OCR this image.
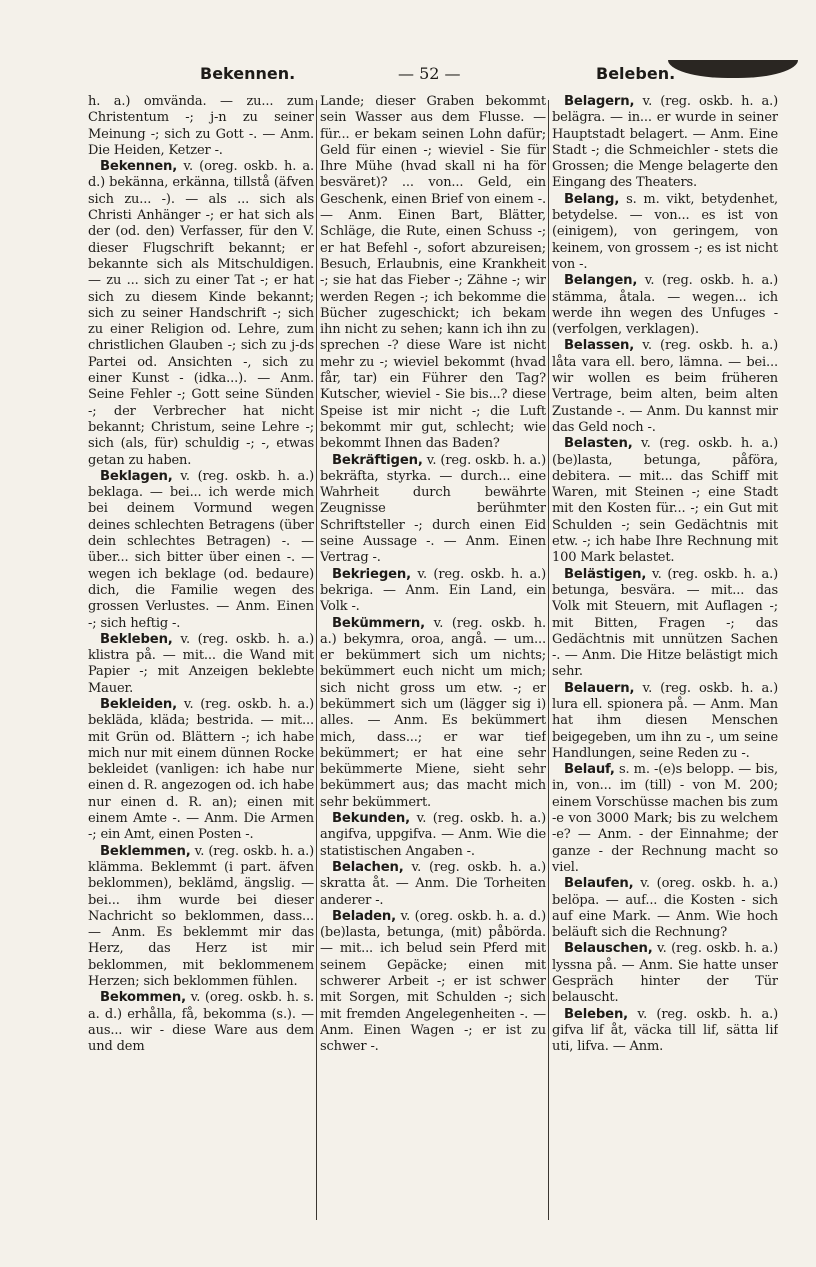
Bekennen.	— 52 —	Beleben.

h. a.) omvända. — zu... zum Christentum -; j-n zu seiner Meinung -; sich zu Gott -. — Anm. Die Heiden, Ketzer -.

Bekennen, v. (oreg. oskb. h. a. d.) bekänna, erkänna, tillstå (äfven sich zu... -). — als ... sich als Christi Anhänger -; er hat sich als der (od. den) Verfasser, für den V. dieser Flugschrift bekannt; er bekannte sich als Mitschuldigen. — zu ... sich zu einer Tat -; er hat sich zu diesem Kinde bekannt; sich zu seiner Handschrift -; sich zu einer Religion od. Lehre, zum christlichen Glauben -; sich zu j-ds Partei od. Ansichten -, sich zu einer Kunst - (idka...). — Anm. Seine Fehler -; Gott seine Sünden -; der Verbrecher hat nicht bekannt; Christum, seine Lehre -; sich (als, für) schuldig -; -, etwas getan zu haben.

Beklagen, v. (reg. oskb. h. a.) beklaga. — bei... ich werde mich bei deinem Vormund wegen deines schlechten Betragens (über dein schlechtes Betragen) -. — über... sich bitter über einen -. — wegen ich beklage (od. bedaure) dich, die Familie wegen des grossen Verlustes. — Anm. Einen -; sich heftig -.

Bekleben, v. (reg. oskb. h. a.) klistra på. — mit... die Wand mit Papier -; mit Anzeigen beklebte Mauer.

Bekleiden, v. (reg. oskb. h. a.) bekläda, kläda; bestrida. — mit... mit Grün od. Blättern -; ich habe mich nur mit einem dünnen Rocke bekleidet (vanligen: ich habe nur einen d. R. angezogen od. ich habe nur einen d. R. an); einen mit einem Amte -. — Anm. Die Armen -; ein Amt, einen Posten -.

Beklemmen, v. (reg. oskb. h. a.) klämma. Beklemmt (i part. äfven beklommen), beklämd, ängslig. — bei... ihm wurde bei dieser Nachricht so beklommen, dass... — Anm. Es beklemmt mir das Herz, das Herz ist mir beklommen, mit beklommenem Herzen; sich beklommen fühlen.

Bekommen, v. (oreg. oskb. h. s. a. d.) erhålla, få, bekomma (s.). — aus... wir - diese Ware aus dem und dem

Lande; dieser Graben bekommt sein Wasser aus dem Flusse. — für... er bekam seinen Lohn dafür; Geld für einen -; wieviel - Sie für Ihre Mühe (hvad skall ni ha för besväret)? ... von... Geld, ein Geschenk, einen Brief von einem -. — Anm. Einen Bart, Blätter, Schläge, die Rute, einen Schuss -; er hat Befehl -, sofort abzureisen; Besuch, Erlaubnis, eine Krankheit -; sie hat das Fieber -; Zähne -; wir werden Regen -; ich bekomme die Bücher zugeschickt; ich bekam ihn nicht zu sehen; kann ich ihn zu sprechen -? diese Ware ist nicht mehr zu -; wieviel bekommt (hvad får, tar) ein Führer den Tag? Kutscher, wieviel - Sie bis...? diese Speise ist mir nicht -; die Luft bekommt mir gut, schlecht; wie bekommt Ihnen das Baden?

Bekräftigen, v. (reg. oskb. h. a.) bekräfta, styrka. — durch... eine Wahrheit durch bewährte Zeugnisse berühmter Schriftsteller -; durch einen Eid seine Aussage -. — Anm. Einen Vertrag -.

Bekriegen, v. (reg. oskb. h. a.) bekriga. — Anm. Ein Land, ein Volk -.

Bekümmern, v. (reg. oskb. h. a.) bekymra, oroa, angå. — um... er bekümmert sich um nichts; bekümmert euch nicht um mich; sich nicht gross um etw. -; er bekümmert sich um (lägger sig i) alles. — Anm. Es bekümmert mich, dass...; er war tief bekümmert; er hat eine sehr bekümmerte Miene, sieht sehr bekümmert aus; das macht mich sehr bekümmert.

Bekunden, v. (reg. oskb. h. a.) angifva, uppgifva. — Anm. Wie die statistischen Angaben -.

Belachen, v. (reg. oskb. h. a.) skratta åt. — Anm. Die Torheiten anderer -.

Beladen, v. (oreg. oskb. h. a. d.) (be)lasta, betunga, (mit) påbörda. — mit... ich belud sein Pferd mit seinem Gepäcke; einen mit schwerer Arbeit -; er ist schwer mit Sorgen, mit Schulden -; sich mit fremden Angelegenheiten -. — Anm. Einen Wagen -; er ist zu schwer -.

Belagern, v. (reg. oskb. h. a.) belägra. — in... er wurde in seiner Hauptstadt belagert. — Anm. Eine Stadt -; die Schmeichler - stets die Grossen; die Menge belagerte den Eingang des Theaters.

Belang, s. m. vikt, betydenhet, betydelse. — von... es ist von (einigem), von geringem, von keinem, von grossem -; es ist nicht von -.

Belangen, v. (reg. oskb. h. a.) stämma, åtala. — wegen... ich werde ihn wegen des Unfuges - (verfolgen, verklagen).

Belassen, v. (reg. oskb. h. a.) låta vara ell. bero, lämna. — bei... wir wollen es beim früheren Vertrage, beim alten, beim alten Zustande -. — Anm. Du kannst mir das Geld noch -.

Belasten, v. (reg. oskb. h. a.) (be)lasta, betunga, påföra, debitera. — mit... das Schiff mit Waren, mit Steinen -; eine Stadt mit den Kosten für... -; ein Gut mit Schulden -; sein Gedächtnis mit etw. -; ich habe Ihre Rechnung mit 100 Mark belastet.

Belästigen, v. (reg. oskb. h. a.) betunga, besvära. — mit... das Volk mit Steuern, mit Auflagen -; mit Bitten, Fragen -; das Gedächtnis mit unnützen Sachen -. — Anm. Die Hitze belästigt mich sehr.

Belauern, v. (reg. oskb. h. a.) lura ell. spionera på. — Anm. Man hat ihm diesen Menschen beigegeben, um ihn zu -, um seine Handlungen, seine Reden zu -.

Belauf, s. m. -(e)s belopp. — bis, in, von... im (till) - von M. 200; einem Vorschüsse machen bis zum -e von 3000 Mark; bis zu welchem -e? — Anm. - der Einnahme; der ganze - der Rechnung macht so viel.

Belaufen, v. (oreg. oskb. h. a.) belöpa. — auf... die Kosten - sich auf eine Mark. — Anm. Wie hoch beläuft sich die Rechnung?

Belauschen, v. (reg. oskb. h. a.) lyssna på. — Anm. Sie hatte unser Gespräch hinter der Tür belauscht.

Beleben, v. (reg. oskb. h. a.) gifva lif åt, väcka till lif, sätta lif uti, lifva. — Anm.
